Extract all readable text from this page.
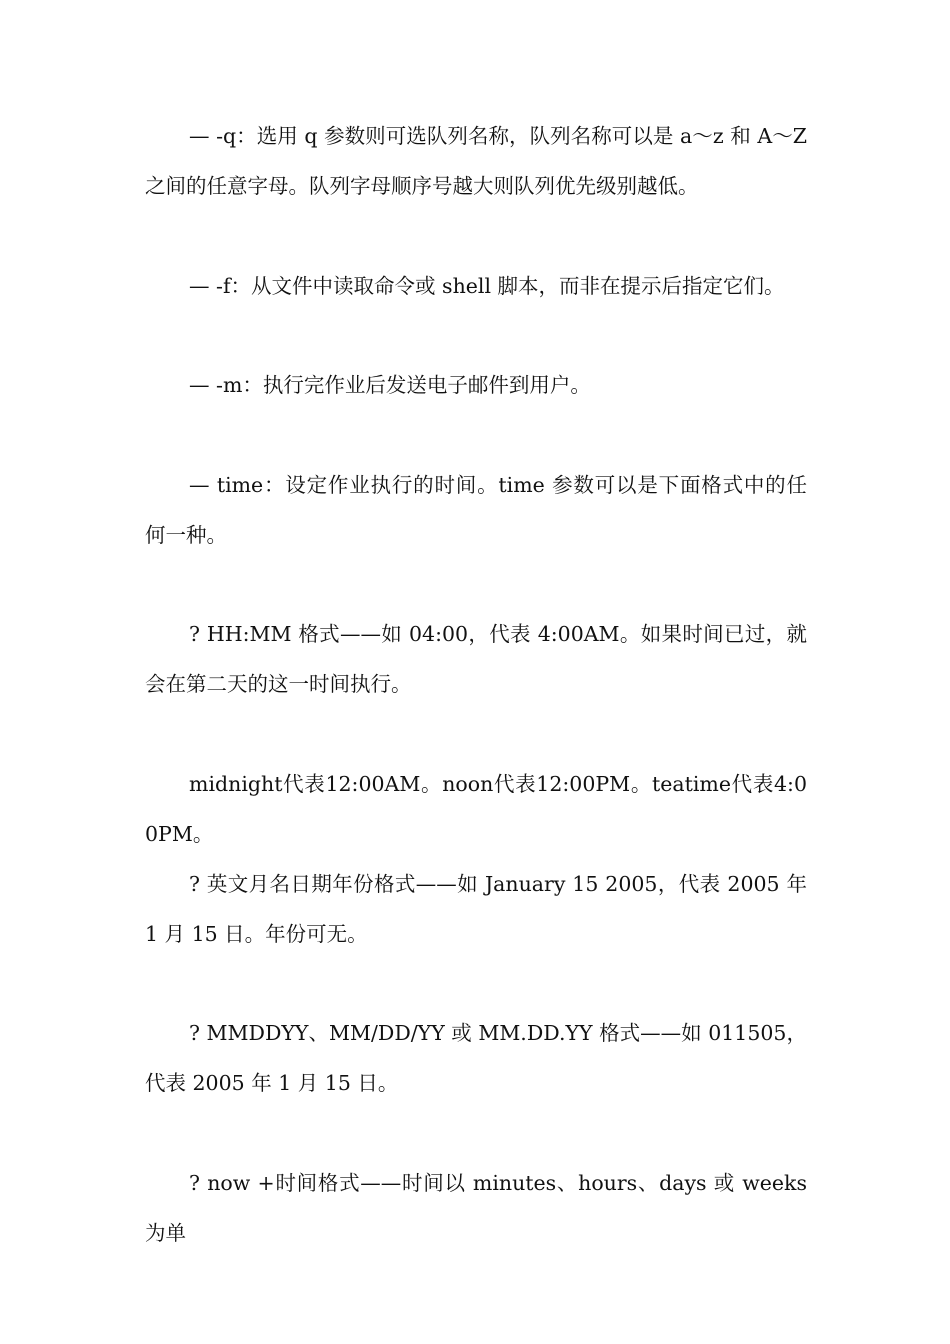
— -q：选用 q 参数则可选队列名称，队列名称可以是 a～z 和 A～Z 之间的任意字母。队列字母顺序号越大则队列优先级别越低。

— -f：从文件中读取命令或 shell 脚本，而非在提示后指定它们。

— -m：执行完作业后发送电子邮件到用户。

— time：设定作业执行的时间。time 参数可以是下面格式中的任何一种。

? HH:MM 格式——如 04:00，代表 4:00AM。如果时间已过，就会在第二天的这一时间执行。

midnight代表12:00AM。noon代表12:00PM。teatime代表4:00PM。

? 英文月名日期年份格式——如 January 15 2005，代表 2005 年 1 月 15 日。年份可无。

? MMDDYY、MM/DD/YY 或 MM.DD.YY 格式——如 011505，代表 2005 年 1 月 15 日。

? now +时间格式——时间以 minutes、hours、days 或 weeks 为单
